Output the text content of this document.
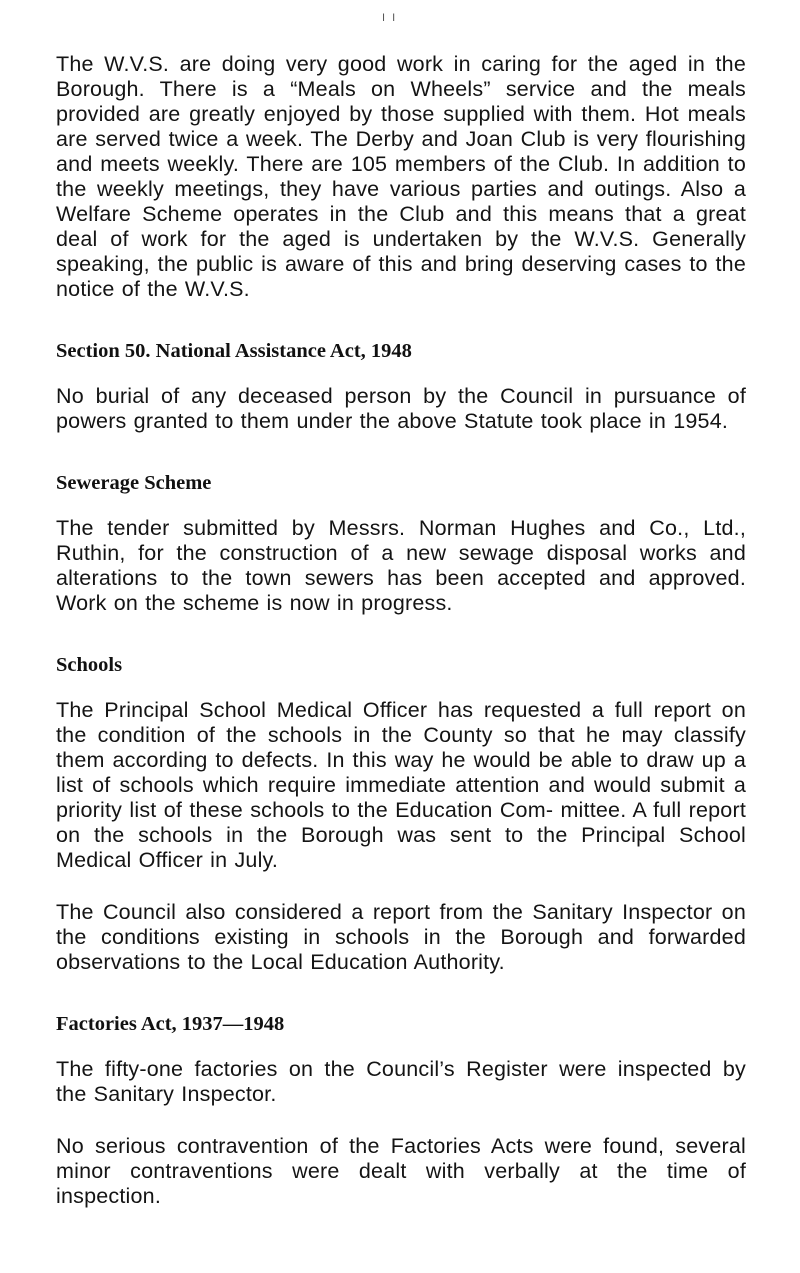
I I

The W.V.S. are doing very good work in caring for the aged in the Borough. There is a “Meals on Wheels” service and the meals provided are greatly enjoyed by those supplied with them. Hot meals are served twice a week. The Derby and Joan Club is very flourishing and meets weekly. There are 105 members of the Club. In addition to the weekly meetings, they have various parties and outings. Also a Welfare Scheme operates in the Club and this means that a great deal of work for the aged is undertaken by the W.V.S. Generally speaking, the public is aware of this and bring deserving cases to the notice of the W.V.S.

Section 50. National Assistance Act, 1948

No burial of any deceased person by the Council in pursuance of powers granted to them under the above Statute took place in 1954.

Sewerage Scheme

The tender submitted by Messrs. Norman Hughes and Co., Ltd., Ruthin, for the construction of a new sewage disposal works and alterations to the town sewers has been accepted and approved. Work on the scheme is now in progress.

Schools

The Principal School Medical Officer has requested a full report on the condition of the schools in the County so that he may classify them according to defects. In this way he would be able to draw up a list of schools which require immediate attention and would submit a priority list of these schools to the Education Com- mittee. A full report on the schools in the Borough was sent to the Principal School Medical Officer in July.

The Council also considered a report from the Sanitary Inspector on the conditions existing in schools in the Borough and forwarded observations to the Local Education Authority.

Factories Act, 1937—1948

The fifty-one factories on the Council’s Register were inspected by the Sanitary Inspector.

No serious contravention of the Factories Acts were found, several minor contraventions were dealt with verbally at the time of inspection.
